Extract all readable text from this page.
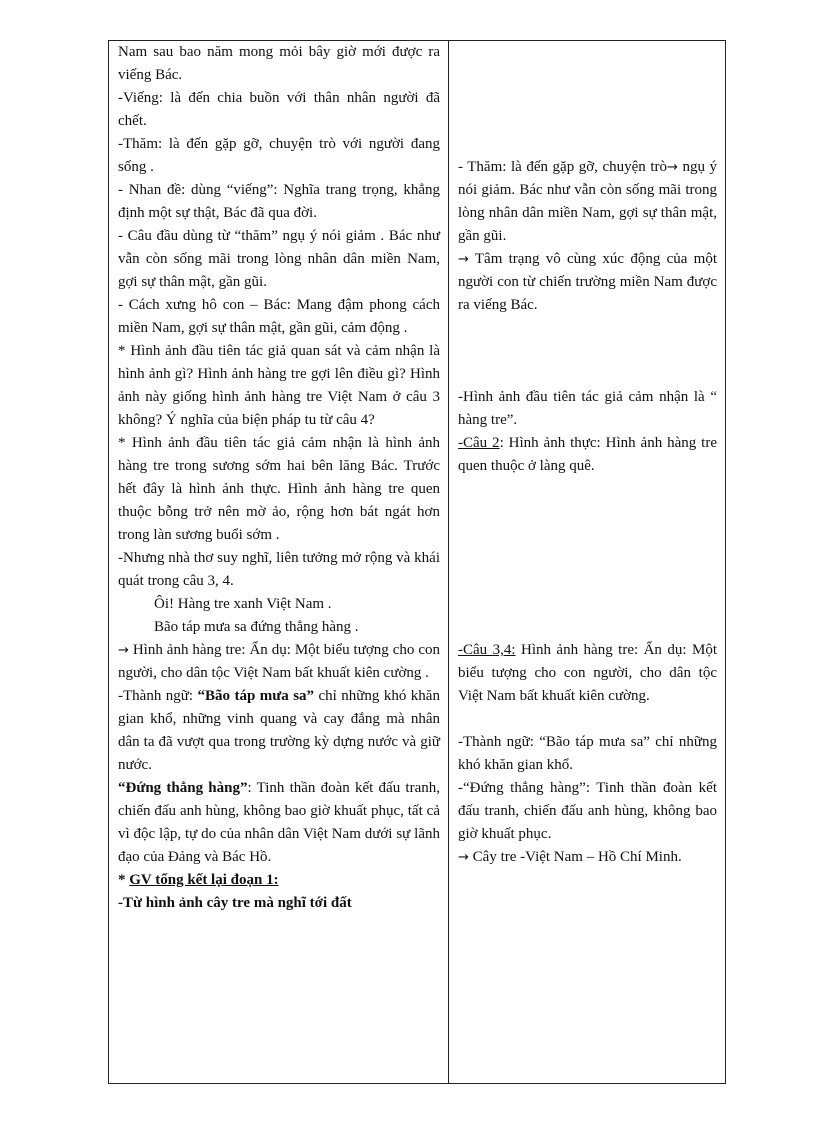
Nam sau bao năm mong mỏi bây giờ mới được ra viếng Bác.

-Viếng: là đến chia buồn với thân nhân người đã chết.

-Thăm: là đến gặp gỡ, chuyện trò với người đang sống .

- Nhan đề: dùng “viếng”: Nghĩa trang trọng, khẳng định một sự thật, Bác đã qua đời.

- Câu đầu dùng từ “thăm” ngụ ý nói giảm . Bác như vẫn còn sống mãi trong lòng nhân dân miền Nam, gợi sự thân mật, gần gũi.

- Cách xưng hô con – Bác: Mang đậm phong cách miền Nam, gợi sự thân mật, gần gũi, cảm động .

* Hình ảnh đầu tiên tác giả quan sát và cảm nhận là hình ảnh gì? Hình ảnh hàng tre gợi lên điều gì? Hình ảnh này giống hình ảnh hàng tre Việt Nam ở câu 3 không? Ý nghĩa của biện pháp tu từ câu 4?

* Hình ảnh đầu tiên tác giả cảm nhận là hình ảnh hàng tre trong sương sớm hai bên lăng Bác. Trước hết đây là hình ảnh thực. Hình ảnh hàng tre quen thuộc bỗng trở nên mờ ảo, rộng hơn bát ngát hơn trong làn sương buổi sớm .

-Nhưng nhà thơ suy nghĩ, liên tưởng mở rộng và khái quát trong câu 3, 4.

Ôi! Hàng tre xanh Việt Nam .

Bão táp mưa sa đứng thẳng hàng .

→ Hình ảnh hàng tre: Ẩn dụ: Một biểu tượng cho con người, cho dân tộc Việt Nam bất khuất kiên cường .

-Thành ngữ: “Bão táp mưa sa” chỉ những khó khăn gian khổ, những vinh quang và cay đắng mà nhân dân ta đã vượt qua trong trường kỳ dựng nước và giữ nước.

“Đứng thẳng hàng”: Tinh thần đoàn kết đấu tranh, chiến đấu anh hùng, không bao giờ khuất phục, tất cả vì độc lập, tự do của nhân dân Việt Nam dưới sự lãnh đạo của Đảng và Bác Hồ.

* GV tổng kết lại đoạn 1:

-Từ hình ảnh cây tre mà nghĩ tới đất

- Thăm: là đến gặp gỡ, chuyện trò→ ngụ ý nói giảm. Bác như vẫn còn sống mãi trong lòng nhân dân miền Nam, gợi sự thân mật, gần gũi.

→ Tâm trạng vô cùng xúc động của một người con từ chiến trường miền Nam được ra viếng Bác.

-Hình ảnh đầu tiên tác giả cảm nhận là “ hàng tre”.

-Câu 2: Hình ảnh thực: Hình ảnh hàng tre quen thuộc ở làng quê.

-Câu 3,4: Hình ảnh hàng tre: Ẩn dụ: Một biểu tượng cho con người, cho dân tộc Việt Nam bất khuất kiên cường.

-Thành ngữ: “Bão táp mưa sa” chỉ những khó khăn gian khổ.

-“Đứng thẳng hàng”: Tinh thần đoàn kết đấu tranh, chiến đấu anh hùng, không bao giờ khuất phục.

→ Cây tre -Việt Nam – Hồ Chí Minh.
